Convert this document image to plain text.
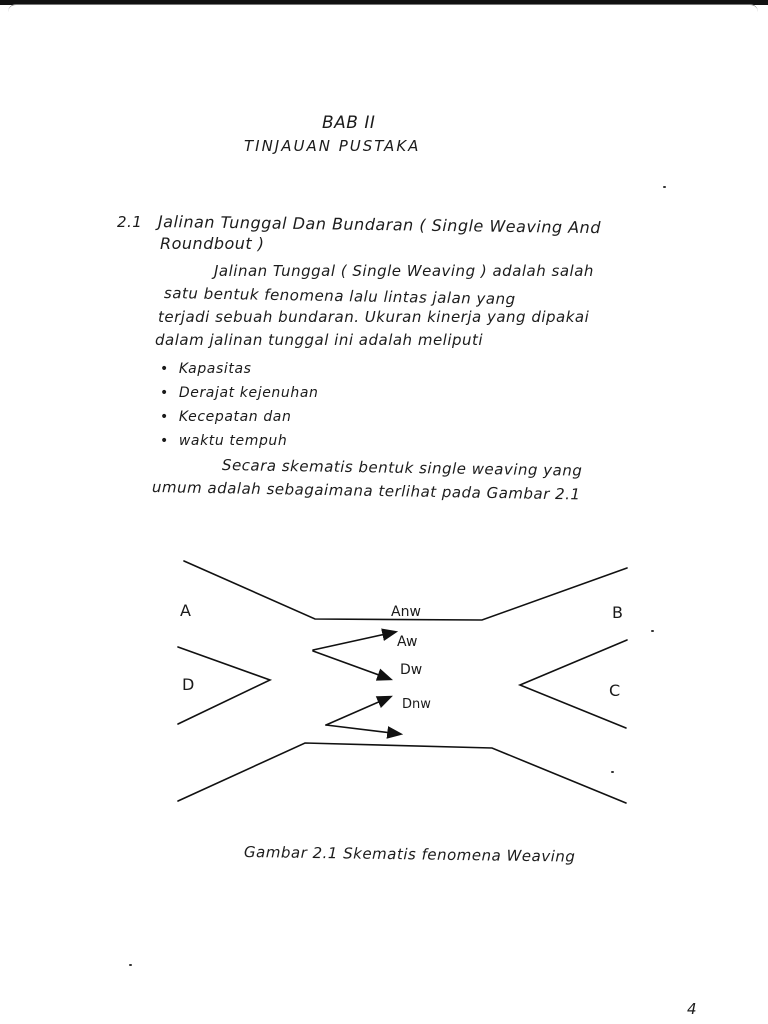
BAB II
TINJAUAN PUSTAKA
2.1 Jalinan Tunggal Dan Bundaran ( Single Weaving And
Roundbout )
Jalinan Tunggal ( Single Weaving ) adalah salah
satu bentuk fenomena lalu lintas jalan yang
terjadi sebuah bundaran. Ukuran kinerja yang dipakai
dalam jalinan tunggal ini adalah meliputi
• Kapasitas
• Derajat kejenuhan
• Kecepatan dan
• waktu tempuh
Secara skematis bentuk single weaving yang
umum adalah sebagaimana terlihat pada Gambar 2.1
A	B
C
D
Anw
Aw
Dw
Dnw
Gambar 2.1 Skematis fenomena Weaving
4
